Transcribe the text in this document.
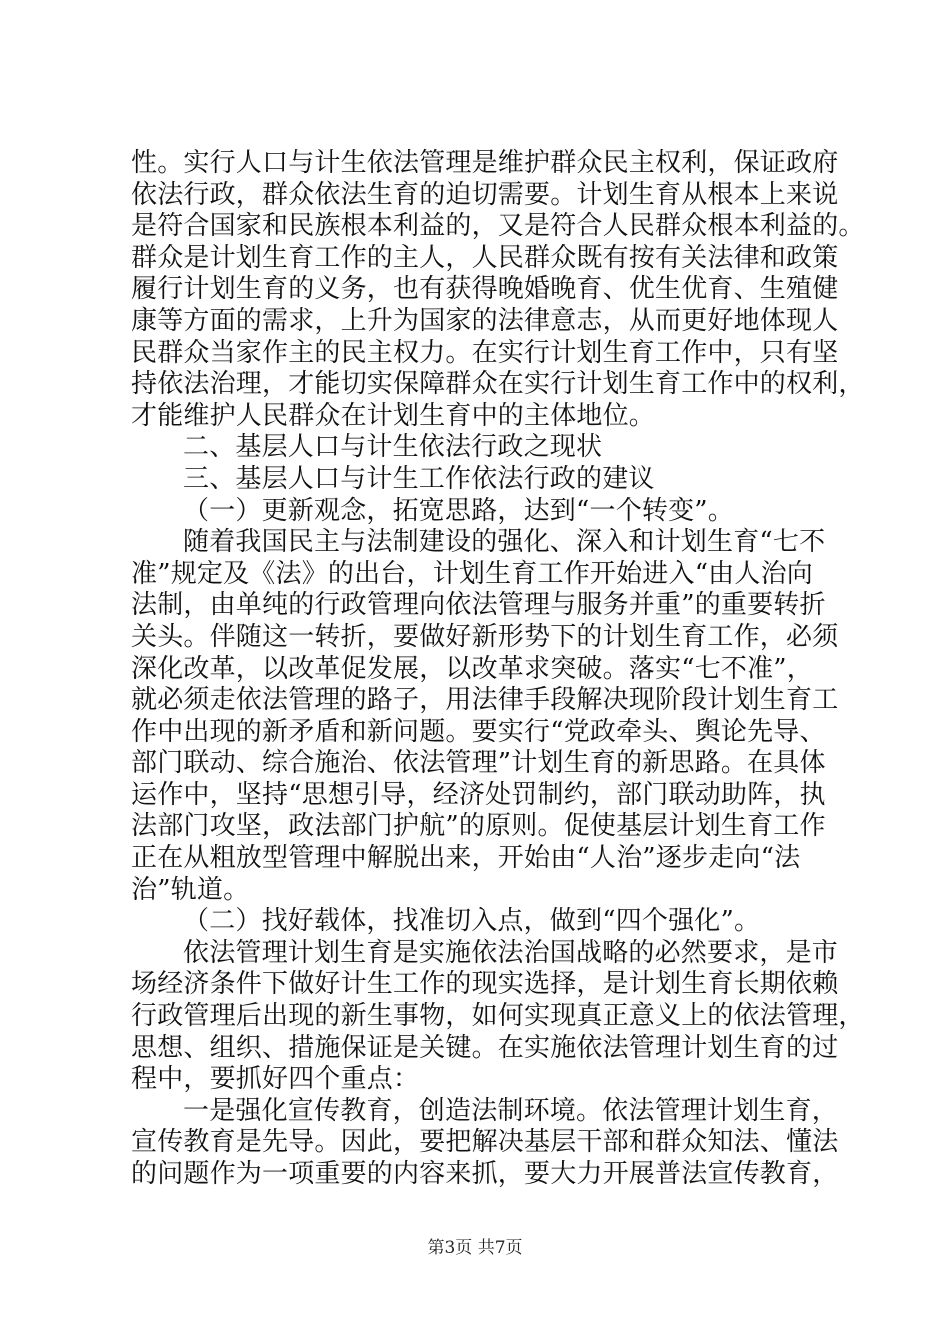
性。实行人口与计生依法管理是维护群众民主权利，保证政府
依法行政，群众依法生育的迫切需要。计划生育从根本上来说
是符合国家和民族根本利益的，又是符合人民群众根本利益的。
群众是计划生育工作的主人，人民群众既有按有关法律和政策
履行计划生育的义务，也有获得晚婚晚育、优生优育、生殖健
康等方面的需求，上升为国家的法律意志，从而更好地体现人
民群众当家作主的民主权力。在实行计划生育工作中，只有坚
持依法治理，才能切实保障群众在实行计划生育工作中的权利，
才能维护人民群众在计划生育中的主体地位。
二、基层人口与计生依法行政之现状
三、基层人口与计生工作依法行政的建议
（一）更新观念，拓宽思路，达到“一个转变”。
随着我国民主与法制建设的强化、深入和计划生育“七不
准”规定及《法》的出台，计划生育工作开始进入“由人治向
法制，由单纯的行政管理向依法管理与服务并重”的重要转折
关头。伴随这一转折，要做好新形势下的计划生育工作，必须
深化改革，以改革促发展，以改革求突破。落实“七不准”，
就必须走依法管理的路子，用法律手段解决现阶段计划生育工
作中出现的新矛盾和新问题。要实行“党政牵头、舆论先导、
部门联动、综合施治、依法管理”计划生育的新思路。在具体
运作中，坚持“思想引导，经济处罚制约，部门联动助阵，执
法部门攻坚，政法部门护航”的原则。促使基层计划生育工作
正在从粗放型管理中解脱出来，开始由“人治”逐步走向“法
治”轨道。
（二）找好载体，找准切入点，做到“四个强化”。
依法管理计划生育是实施依法治国战略的必然要求，是市
场经济条件下做好计生工作的现实选择，是计划生育长期依赖
行政管理后出现的新生事物，如何实现真正意义上的依法管理，
思想、组织、措施保证是关键。在实施依法管理计划生育的过
程中，要抓好四个重点：
一是强化宣传教育，创造法制环境。依法管理计划生育，
宣传教育是先导。因此，要把解决基层干部和群众知法、懂法
的问题作为一项重要的内容来抓，要大力开展普法宣传教育，
第3页 共7页
